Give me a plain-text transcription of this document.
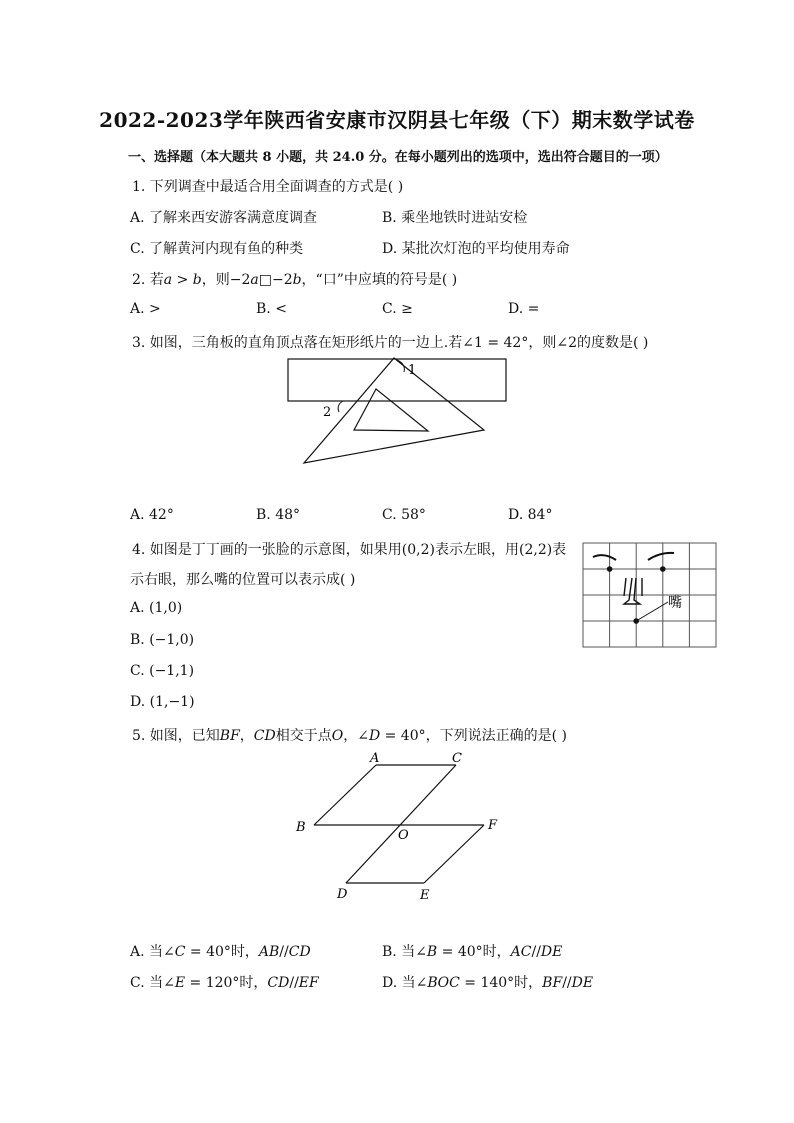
2022-2023学年陕西省安康市汉阴县七年级（下）期末数学试卷
一、选择题（本大题共 8 小题，共 24.0 分。在每小题列出的选项中，选出符合题目的一项）
1. 下列调查中最适合用全面调查的方式是( )
A. 了解来西安游客满意度调查	B. 乘坐地铁时进站安检
C. 了解黄河内现有鱼的种类	D. 某批次灯泡的平均使用寿命
2. 若𝑎 > 𝑏，则−2𝑎□−2𝑏，“口”中应填的符号是( )
A. >	B. <	C. ≥	D. =
3. 如图，三角板的直角顶点落在矩形纸片的一边上.若∠1 = 42°，则∠2的度数是( )
1
2
A. 42°	B. 48°	C. 58°	D. 84°
4. 如图是丁丁画的一张脸的示意图，如果用(0,2)表示左眼，用(2,2)表
示右眼，那么嘴的位置可以表示成( )
嘴
A. (1,0)
B. (−1,0)
C. (−1,1)
D. (1,−1)
5. 如图，已知𝐵𝐹，𝐶𝐷相交于点𝑂，∠𝐷 = 40°，下列说法正确的是( )
A	C
B	F
O
D	E
A. 当∠𝐶 = 40°时，𝐴𝐵//𝐶𝐷	B. 当∠𝐵 = 40°时，𝐴𝐶//𝐷𝐸
C. 当∠𝐸 = 120°时，𝐶𝐷//𝐸𝐹	D. 当∠𝐵𝑂𝐶 = 140°时，𝐵𝐹//𝐷𝐸
